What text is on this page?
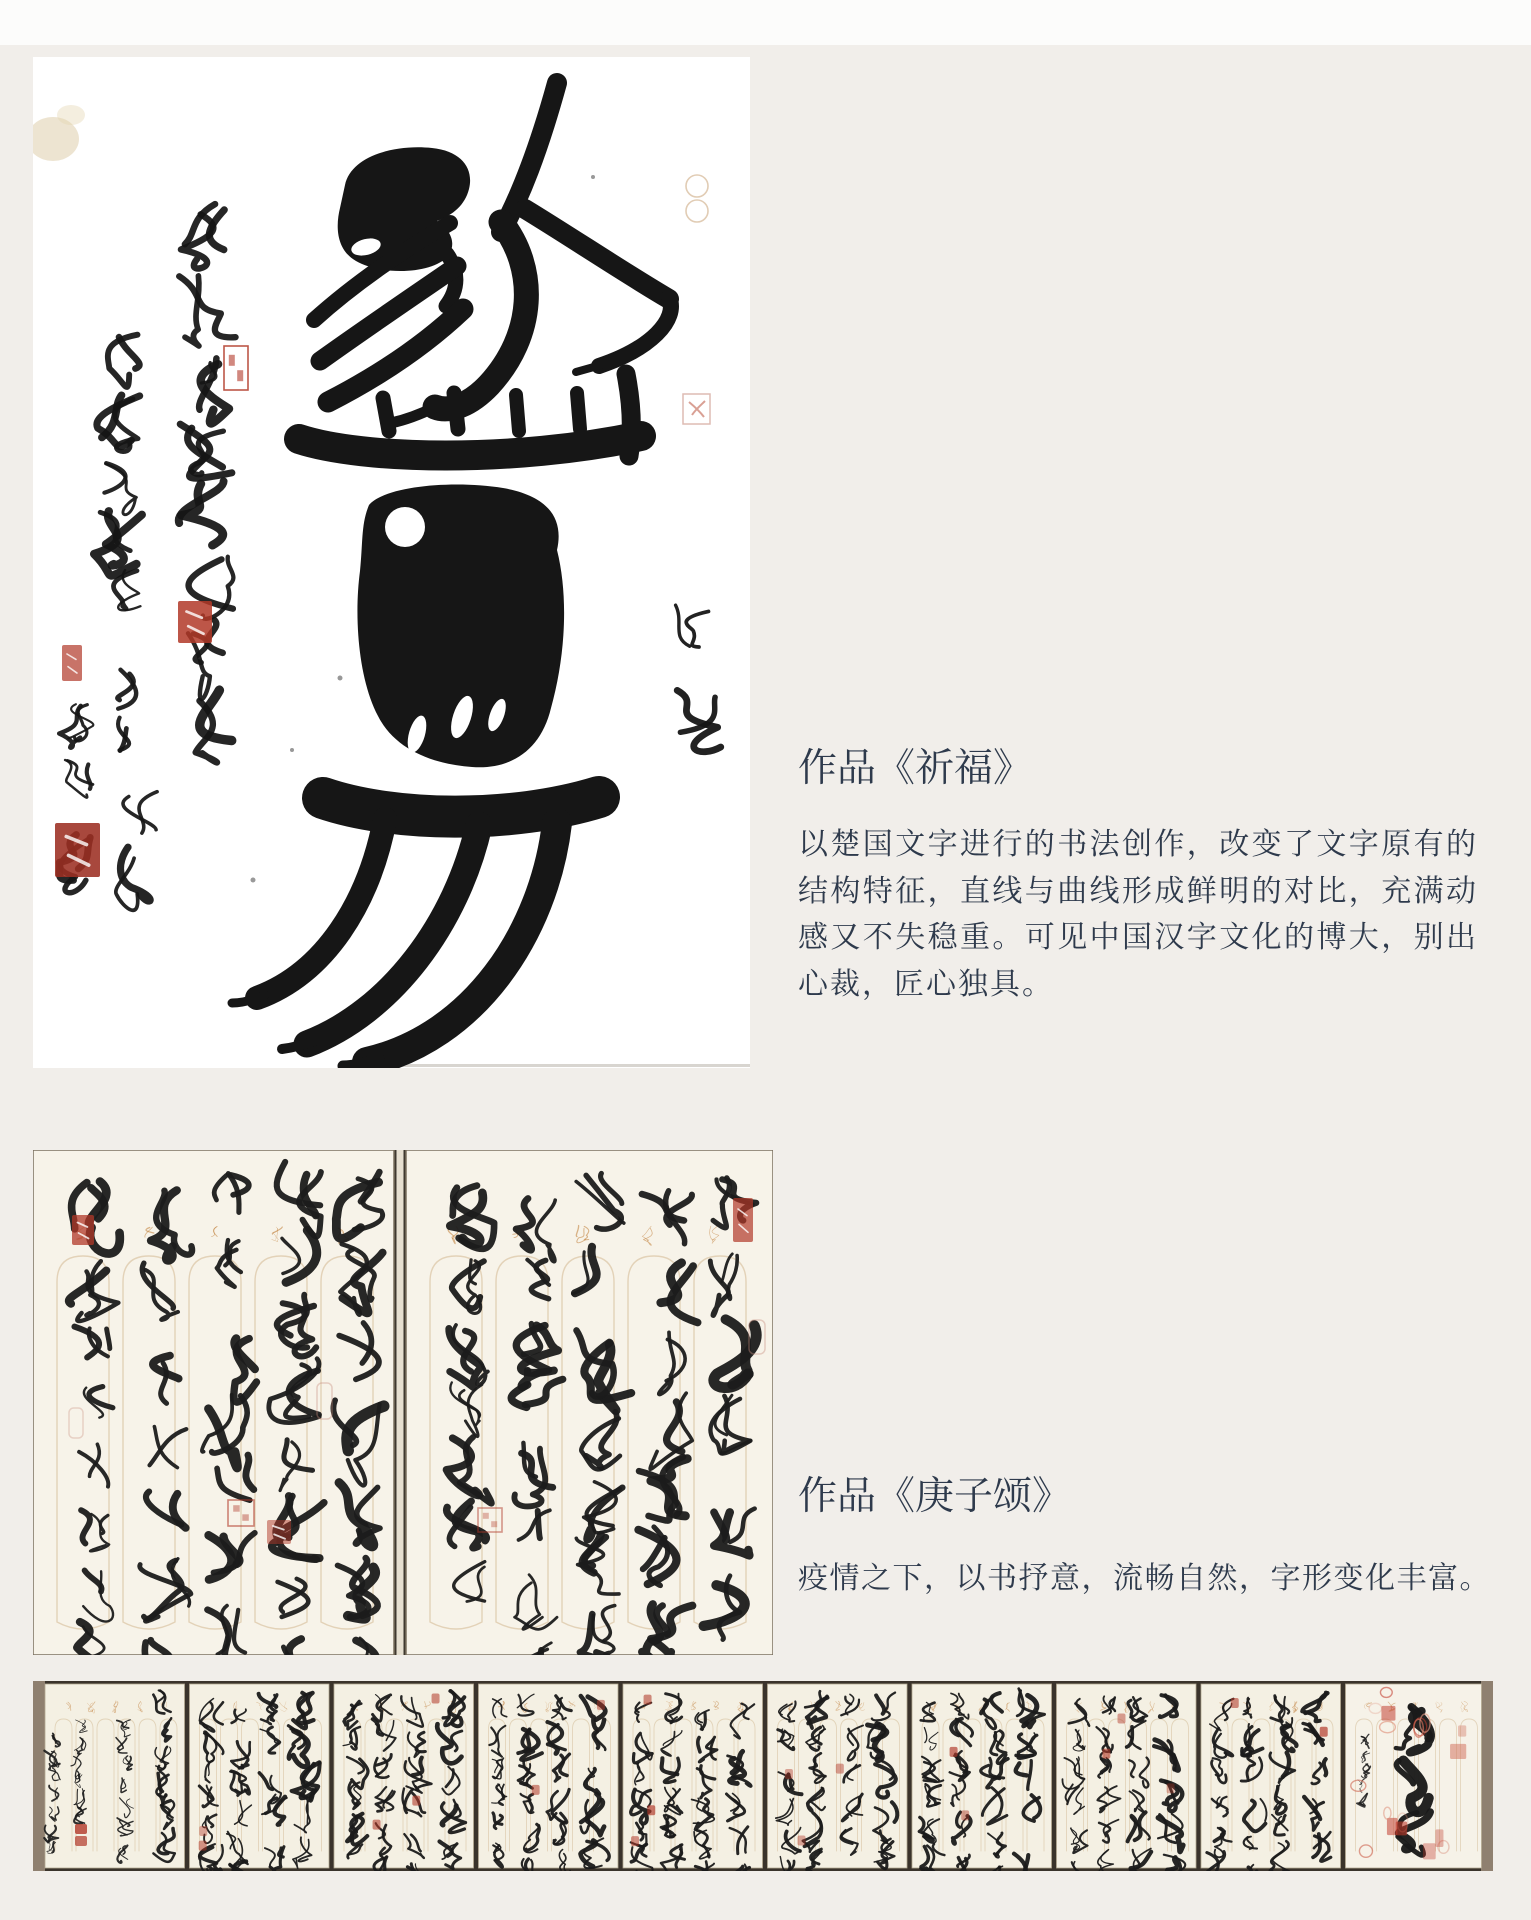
作品《祈福》

以楚国文字进行的书法创作，改变了文字原有的结构特征，直线与曲线形成鲜明的对比，充满动感又不失稳重。可见中国汉字文化的博大，别出心裁，匠心独具。

作品《庚子颂》

疫情之下，以书抒意，流畅自然，字形变化丰富。
